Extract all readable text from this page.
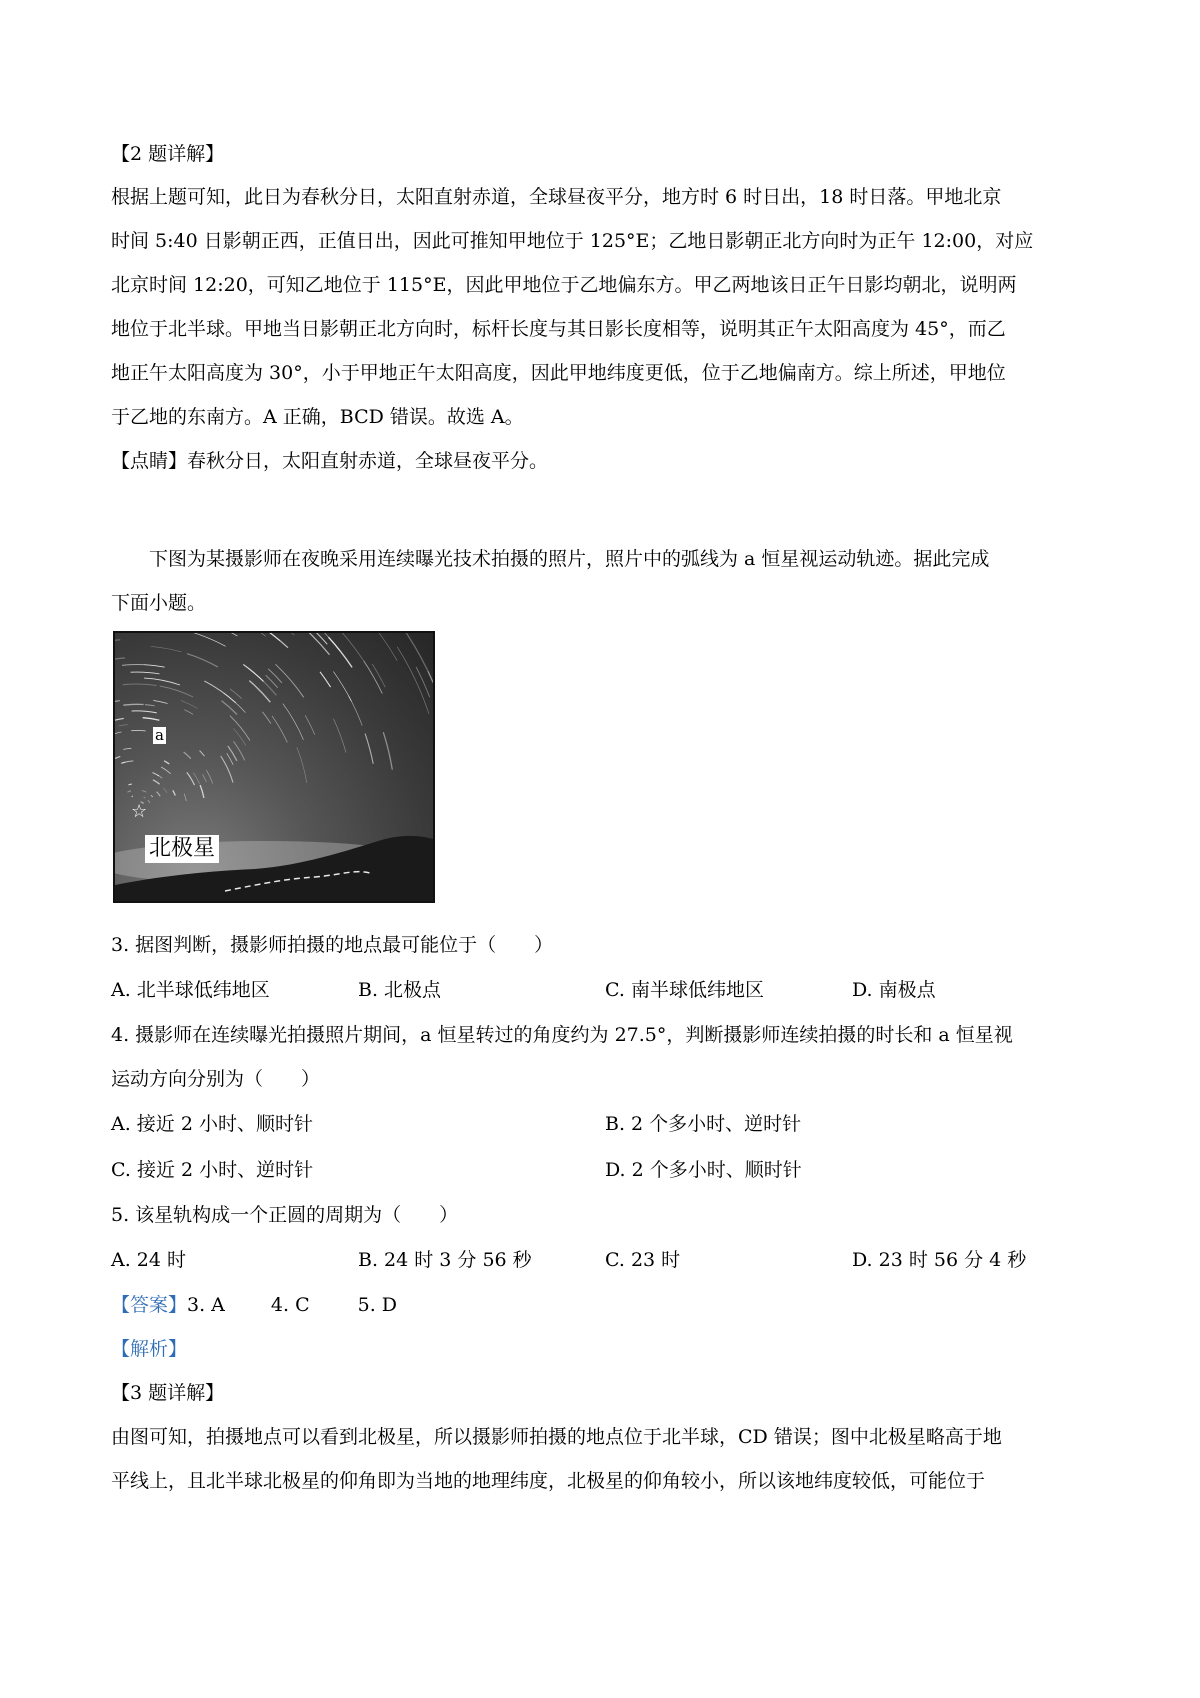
【2 题详解】

根据上题可知，此日为春秋分日，太阳直射赤道，全球昼夜平分，地方时 6 时日出，18 时日落。甲地北京

时间 5:40 日影朝正西，正值日出，因此可推知甲地位于 125°E；乙地日影朝正北方向时为正午 12:00，对应

北京时间 12:20，可知乙地位于 115°E，因此甲地位于乙地偏东方。甲乙两地该日正午日影均朝北，说明两

地位于北半球。甲地当日影朝正北方向时，标杆长度与其日影长度相等，说明其正午太阳高度为 45°，而乙

地正午太阳高度为 30°，小于甲地正午太阳高度，因此甲地纬度更低，位于乙地偏南方。综上所述，甲地位

于乙地的东南方。A 正确，BCD 错误。故选 A。

【点睛】春秋分日，太阳直射赤道，全球昼夜平分。

下图为某摄影师在夜晚采用连续曝光技术拍摄的照片，照片中的弧线为 a 恒星视运动轨迹。据此完成

下面小题。

a
☆
北极星

3. 据图判断，摄影师拍摄的地点最可能位于（　　）

A. 北半球低纬地区	B. 北极点	C. 南半球低纬地区	D. 南极点

4. 摄影师在连续曝光拍摄照片期间，a 恒星转过的角度约为 27.5°，判断摄影师连续拍摄的时长和 a 恒星视

运动方向分别为（　　）

A. 接近 2 小时、顺时针	B. 2 个多小时、逆时针
C. 接近 2 小时、逆时针	D. 2 个多小时、顺时针

5. 该星轨构成一个正圆的周期为（　　）

A. 24 时	B. 24 时 3 分 56 秒	C. 23 时	D. 23 时 56 分 4 秒

【答案】3. A 4. C	5. D

【解析】

【3 题详解】

由图可知，拍摄地点可以看到北极星，所以摄影师拍摄的地点位于北半球，CD 错误；图中北极星略高于地

平线上，且北半球北极星的仰角即为当地的地理纬度，北极星的仰角较小，所以该地纬度较低，可能位于
